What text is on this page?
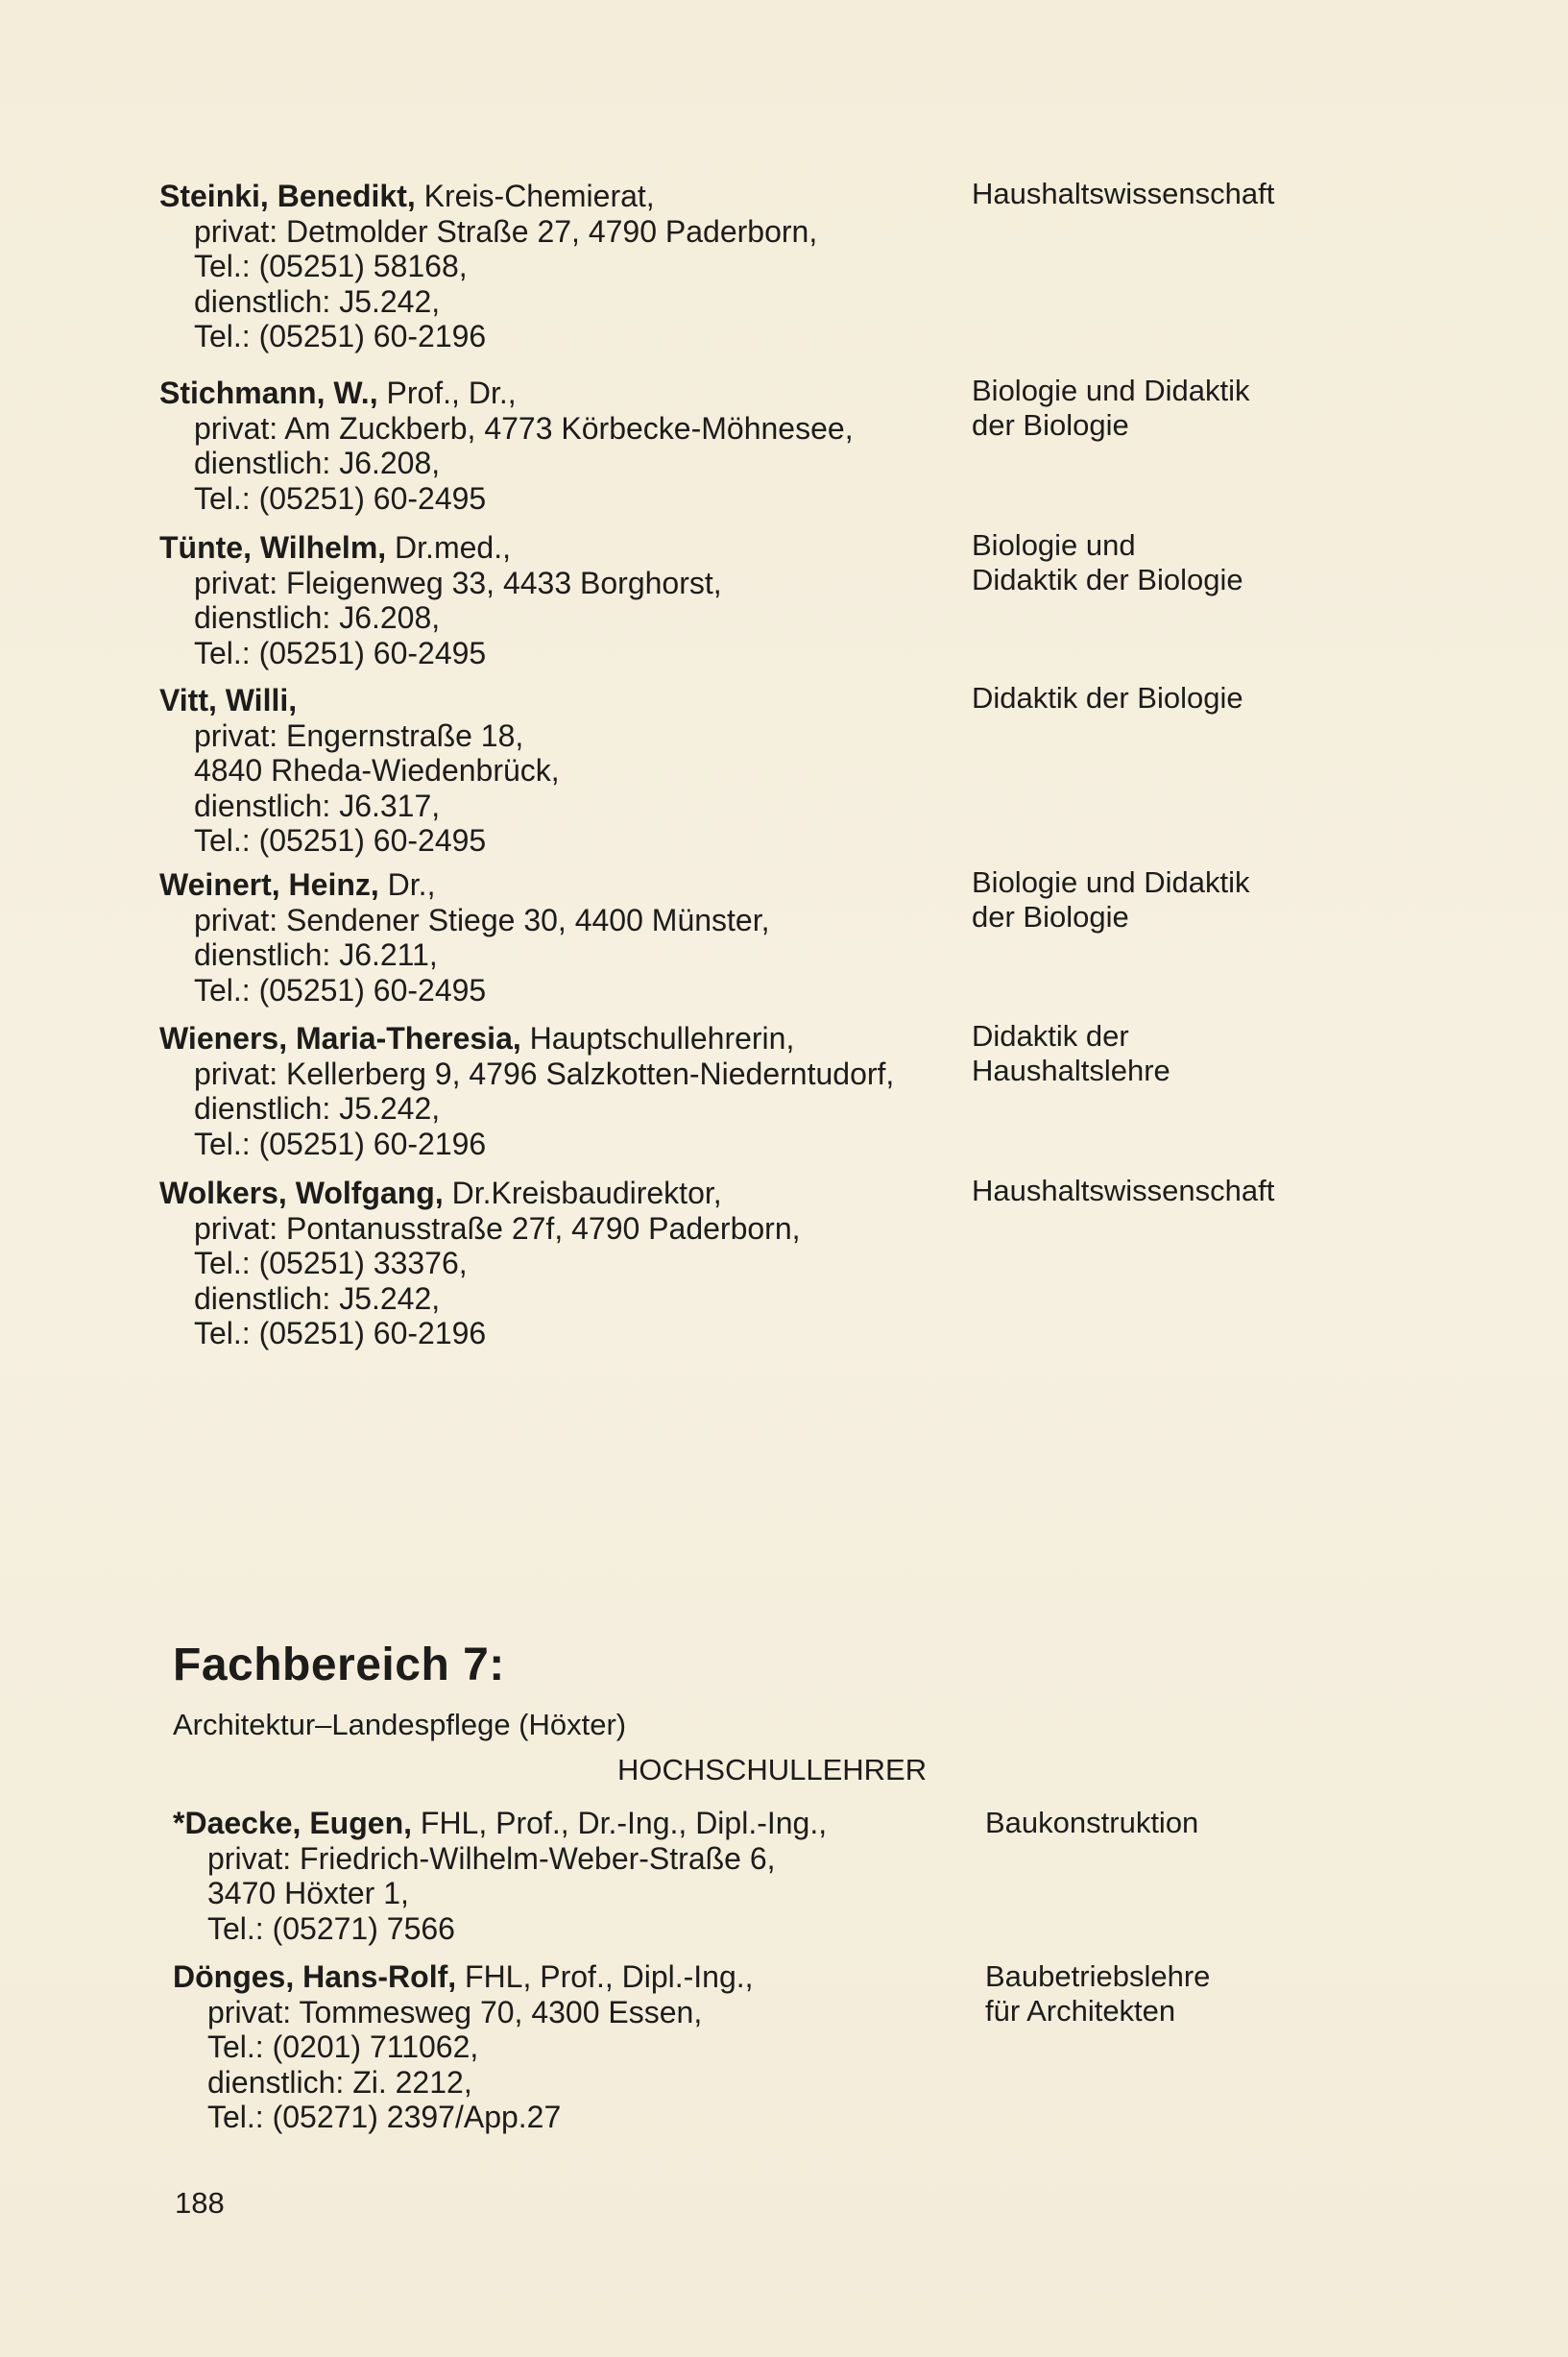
Steinki, Benedikt, Kreis-Chemierat,
privat: Detmolder Straße 27, 4790 Paderborn,
Tel.: (05251) 58168,
dienstlich: J5.242,
Tel.: (05251) 60-2196
Haushaltswissenschaft
Stichmann, W., Prof., Dr.,
privat: Am Zuckberb, 4773 Körbecke-Möhnesee,
dienstlich: J6.208,
Tel.: (05251) 60-2495
Biologie und Didaktik
der Biologie
Tünte, Wilhelm, Dr.med.,
privat: Fleigenweg 33, 4433 Borghorst,
dienstlich: J6.208,
Tel.: (05251) 60-2495
Biologie und
Didaktik der Biologie
Vitt, Willi,
privat: Engernstraße 18,
4840 Rheda-Wiedenbrück,
dienstlich: J6.317,
Tel.: (05251) 60-2495
Didaktik der Biologie
Weinert, Heinz, Dr.,
privat: Sendener Stiege 30, 4400 Münster,
dienstlich: J6.211,
Tel.: (05251) 60-2495
Biologie und Didaktik
der Biologie
Wieners, Maria-Theresia, Hauptschullehrerin,
privat: Kellerberg 9, 4796 Salzkotten-Niederntudorf,
dienstlich: J5.242,
Tel.: (05251) 60-2196
Didaktik der
Haushaltslehre
Wolkers, Wolfgang, Dr.Kreisbaudirektor,
privat: Pontanusstraße 27f, 4790 Paderborn,
Tel.: (05251) 33376,
dienstlich: J5.242,
Tel.: (05251) 60-2196
Haushaltswissenschaft
Fachbereich 7:
Architektur–Landespflege (Höxter)
HOCHSCHULLEHRER
*Daecke, Eugen, FHL, Prof., Dr.-Ing., Dipl.-Ing.,
privat: Friedrich-Wilhelm-Weber-Straße 6,
3470 Höxter 1,
Tel.: (05271) 7566
Baukonstruktion
Dönges, Hans-Rolf, FHL, Prof., Dipl.-Ing.,
privat: Tommesweg 70, 4300 Essen,
Tel.: (0201) 711062,
dienstlich: Zi. 2212,
Tel.: (05271) 2397/App.27
Baubetriebslehre
für Architekten
188
